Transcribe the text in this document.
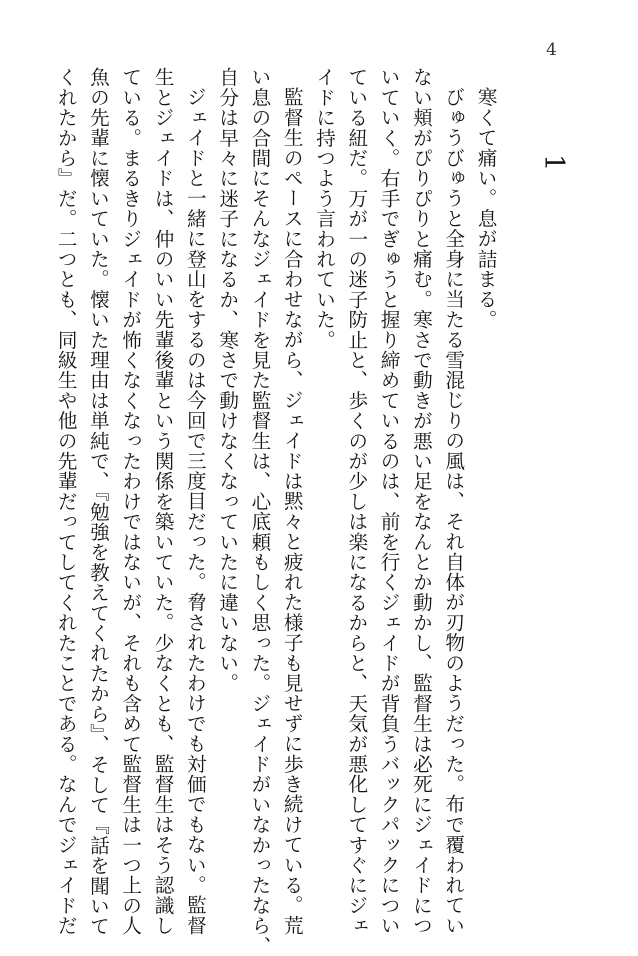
4
1
寒くて痛い。息が詰まる。
びゅうびゅうと全身に当たる雪混じりの風は、それ自体が刃物のようだった。布で覆われてい
ない頬がぴりぴりと痛む。寒さで動きが悪い足をなんとか動かし、監督生は必死にジェイドにつ
いていく。右手でぎゅうと握り締めているのは、前を行くジェイドが背負うバックパックについ
ている紐だ。万が一の迷子防止と、歩くのが少しは楽になるからと、天気が悪化してすぐにジェ
イドに持つよう言われていた。
監督生のペースに合わせながら、ジェイドは黙々と疲れた様子も見せずに歩き続けている。荒
い息の合間にそんなジェイドを見た監督生は、心底頼もしく思った。ジェイドがいなかったなら、
自分は早々に迷子になるか、寒さで動けなくなっていたに違いない。
ジェイドと一緒に登山をするのは今回で三度目だった。脅されたわけでも対価でもない。監督
生とジェイドは、仲のいい先輩後輩という関係を築いていた。少なくとも、監督生はそう認識し
ている。まるきりジェイドが怖くなくなったわけではないが、それも含めて監督生は一つ上の人
魚の先輩に懐いていた。懐いた理由は単純で、『勉強を教えてくれたから』、そして『話を聞いて
くれたから』だ。二つとも、同級生や他の先輩だってしてくれたことである。なんでジェイドだ
